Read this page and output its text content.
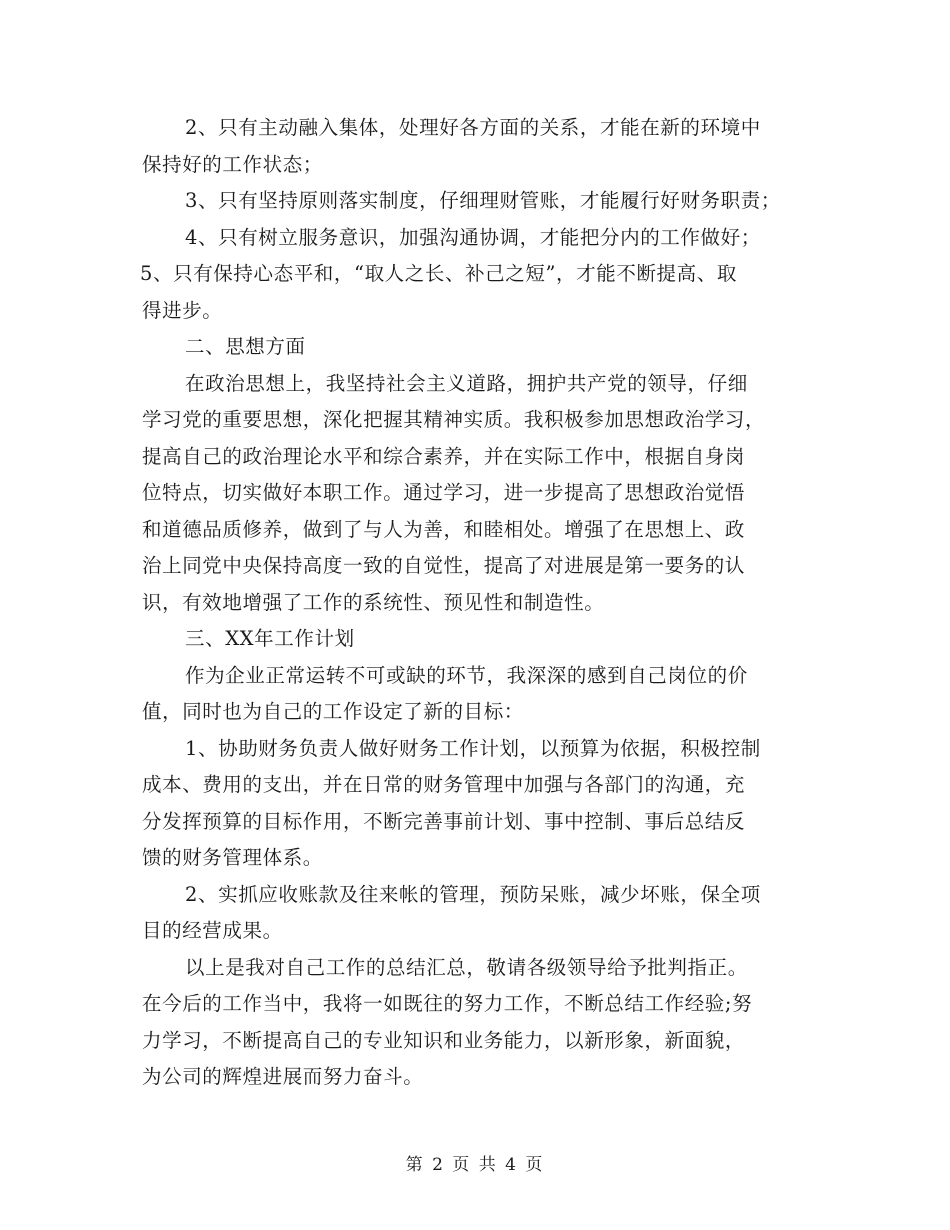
2、只有主动融入集体，处理好各方面的关系，才能在新的环境中
保持好的工作状态；
3、只有坚持原则落实制度，仔细理财管账，才能履行好财务职责；
4、只有树立服务意识，加强沟通协调，才能把分内的工作做好；
5、只有保持心态平和，“取人之长、补己之短”，才能不断提高、取
得进步。
二、思想方面
在政治思想上，我坚持社会主义道路，拥护共产党的领导，仔细
学习党的重要思想，深化把握其精神实质。我积极参加思想政治学习，
提高自己的政治理论水平和综合素养，并在实际工作中，根据自身岗
位特点，切实做好本职工作。通过学习，进一步提高了思想政治觉悟
和道德品质修养，做到了与人为善，和睦相处。增强了在思想上、政
治上同党中央保持高度一致的自觉性，提高了对进展是第一要务的认
识，有效地增强了工作的系统性、预见性和制造性。
三、XX年工作计划
作为企业正常运转不可或缺的环节，我深深的感到自己岗位的价
值，同时也为自己的工作设定了新的目标：
1、协助财务负责人做好财务工作计划，以预算为依据，积极控制
成本、费用的支出，并在日常的财务管理中加强与各部门的沟通，充
分发挥预算的目标作用，不断完善事前计划、事中控制、事后总结反
馈的财务管理体系。
2、实抓应收账款及往来帐的管理，预防呆账，减少坏账，保全项
目的经营成果。
以上是我对自己工作的总结汇总，敬请各级领导给予批判指正。
在今后的工作当中，我将一如既往的努力工作，不断总结工作经验;努
力学习，不断提高自己的专业知识和业务能力，以新形象，新面貌，
为公司的辉煌进展而努力奋斗。
第 2 页 共 4 页
